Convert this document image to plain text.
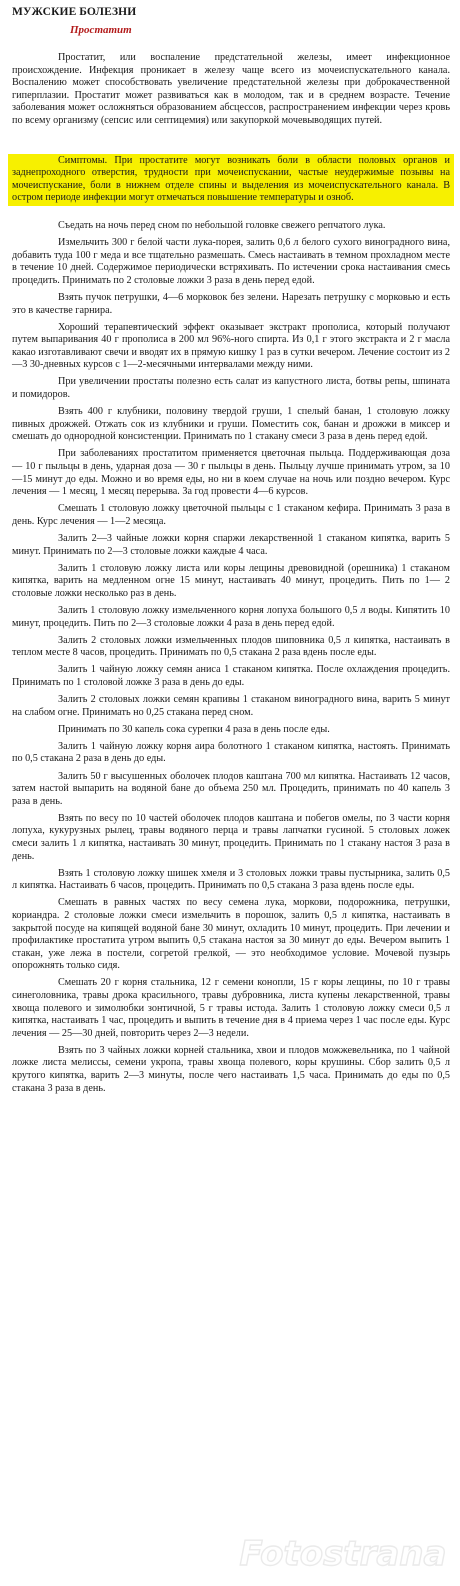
МУЖСКИЕ БОЛЕЗНИ
Простатит

Простатит, или воспаление предстательной железы, имеет инфекционное происхождение. Инфекция проникает в железу чаще всего из мочеиспускательного канала. Воспалению может способствовать увеличение предстательной железы при доброкачественной гиперплазии. Простатит может развиваться как в молодом, так и в среднем возрасте. Течение заболевания может осложняться образованием абсцессов, распространением инфекции через кровь по всему организму (сепсис или септицемия) или закупоркой мочевыводящих путей.

Симптомы. При простатите могут возникать боли в области половых органов и заднепроходного отверстия, трудности при мочеиспускании, частые неудержимые позывы на мочеиспускание, боли в нижнем отделе спины и выделения из мочеиспускательного канала. В остром периоде инфекции могут отмечаться повышение температуры и озноб.

Съедать на ночь перед сном по небольшой головке свежего репчатого лука.

Измельчить 300 г белой части лука-порея, залить 0,6 л белого сухого виноградного вина, добавить туда 100 г меда и все тщательно размешать. Смесь настаивать в темном прохладном месте в течение 10 дней. Содержимое периодически встряхивать. По истечении срока настаивания смесь процедить. Принимать по 2 столовые ложки 3 раза в день перед едой.

Взять пучок петрушки, 4—6 морковок без зелени. Нарезать петрушку с морковью и есть это в качестве гарнира.

Хороший терапевтический эффект оказывает экстракт прополиса, который получают путем выпаривания 40 г прополиса в 200 мл 96%-ного спирта. Из 0,1 г этого экстракта и 2 г масла какао изготавливают свечи и вводят их в прямую кишку 1 раз в сутки вечером. Лечение состоит из 2—3 30-дневных курсов с 1—2-месячными интервалами между ними.

При увеличении простаты полезно есть салат из капустного листа, ботвы репы, шпината и помидоров.

Взять 400 г клубники, половину твердой груши, 1 спелый банан, 1 столовую ложку пивных дрожжей. Отжать сок из клубники и груши. Поместить сок, банан и дрожжи в миксер и смешать до однородной консистенции. Принимать по 1 стакану смеси 3 раза в день перед едой.

При заболеваниях простатитом применяется цветочная пыльца. Поддерживающая доза — 10 г пыльцы в день, ударная доза — 30 г пыльцы в день. Пыльцу лучше принимать утром, за 10—15 минут до еды. Можно и во время еды, но ни в коем случае на ночь или поздно вечером. Курс лечения — 1 месяц, 1 месяц перерыва. За год провести 4—6 курсов.

Смешать 1 столовую ложку цветочной пыльцы с 1 стаканом кефира. Принимать 3 раза в день. Курс лечения — 1—2 месяца.

Залить 2—3 чайные ложки корня спаржи лекарственной 1 стаканом кипятка, варить 5 минут. Принимать по 2—3 столовые ложки каждые 4 часа.

Залить 1 столовую ложку листа или коры лещины древовидной (орешника) 1 стаканом кипятка, варить на медленном огне 15 минут, настаивать 40 минут, процедить. Пить по 1— 2 столовые ложки несколько раз в день.

Залить 1 столовую ложку измельченного корня лопуха большого 0,5 л воды. Кипятить 10 минут, процедить. Пить по 2—3 столовые ложки 4 раза в день перед едой.

Залить 2 столовых ложки измельченных плодов шиповника 0,5 л кипятка, настаивать в теплом месте 8 часов, процедить. Принимать по 0,5 стакана 2 раза вдень после еды.

Залить 1 чайную ложку семян аниса 1 стаканом кипятка. После охлаждения процедить. Принимать по 1 столовой ложке 3 раза в день до еды.

Залить 2 столовых ложки семян крапивы 1 стаканом виноградного вина, варить 5 минут на слабом огне. Принимать но 0,25 стакана перед сном.

Принимать по 30 капель сока сурепки 4 раза в день после еды.

Залить 1 чайную ложку корня аира болотного 1 стаканом кипятка, настоять. Принимать по 0,5 стакана 2 раза в день до еды.

Залить 50 г высушенных оболочек плодов каштана 700 мл кипятка. Настаивать 12 часов, затем настой выпарить на водяной бане до объема 250 мл. Процедить, принимать по 40 капель 3 раза в день.

Взять по весу по 10 частей оболочек плодов каштана и побегов омелы, по 3 части корня лопуха, кукурузных рылец, травы водяного перца и травы лапчатки гусиной. 5 столовых ложек смеси залить 1 л кипятка, настаивать 30 минут, процедить. Принимать по 1 стакану настоя 3 раза в день.

Взять 1 столовую ложку шишек хмеля и 3 столовых ложки травы пустырника, залить 0,5 л кипятка. Настаивать 6 часов, процедить. Принимать по 0,5 стакана 3 раза вдень после еды.

Смешать в равных частях по весу семена лука, моркови, подорожника, петрушки, кориандра. 2 столовые ложки смеси измельчить в порошок, залить 0,5 л кипятка, настаивать в закрытой посуде на кипящей водяной бане 30 минут, охладить 10 минут, процедить. При лечении и профилактике простатита утром выпить 0,5 стакана настоя за 30 минут до еды. Вечером выпить 1 стакан, уже лежа в постели, согретой грелкой, — это необходимое условие. Мочевой пузырь опорожнять только сидя.

Смешать 20 г корня стальника, 12 г семени конопли, 15 г коры лещины, по 10 г травы синеголовника, травы дрока красильного, травы дубровника, листа купены лекарственной, травы хвоща полевого и зимолюбки зонтичной, 5 г травы истода. Залить 1 столовую ложку смеси 0,5 л кипятка, настаивать 1 час, процедить и выпить в течение дня в 4 приема через 1 час после еды. Курс лечения — 25—30 дней, повторить через 2—3 недели.

Взять по 3 чайных ложки корней стальника, хвои и плодов можжевельника, по 1 чайной ложке листа мелиссы, семени укропа, травы хвоща полевого, коры крушины. Сбор залить 0,5 л крутого кипятка, варить 2—3 минуты, после чего настаивать 1,5 часа. Принимать до еды по 0,5 стакана 3 раза в день.

Fotostrana
